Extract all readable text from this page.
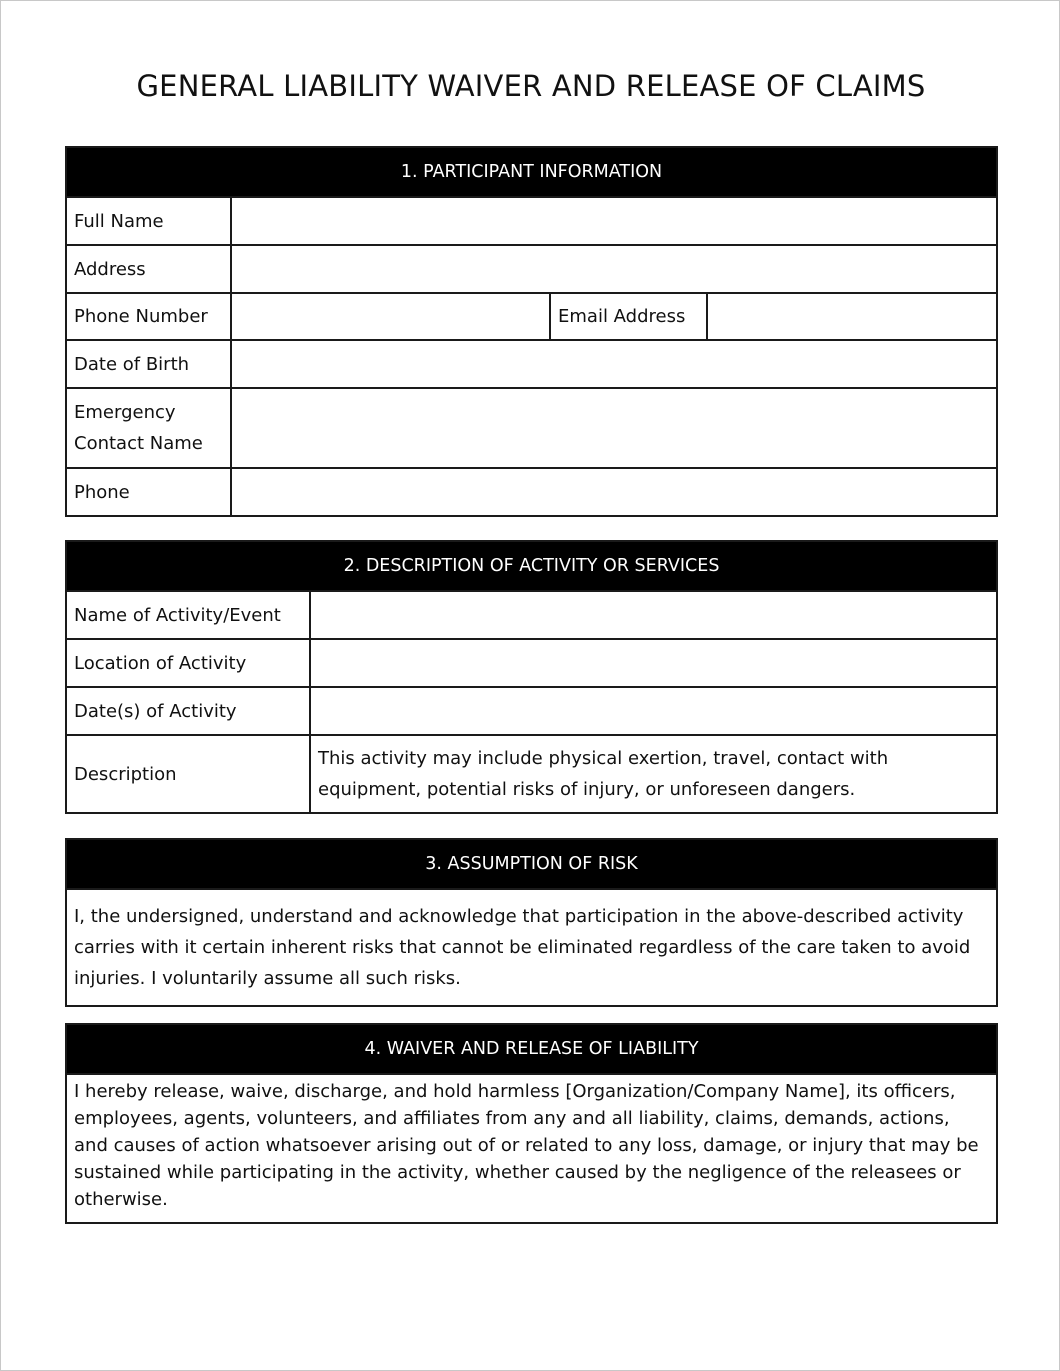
GENERAL LIABILITY WAIVER AND RELEASE OF CLAIMS
1. PARTICIPANT INFORMATION
Full Name
Address
Phone Number	Email Address
Date of Birth
Emergency
Contact Name
Phone
2. DESCRIPTION OF ACTIVITY OR SERVICES
Name of Activity/Event
Location of Activity
Date(s) of Activity
Description
This activity may include physical exertion, travel, contact with equipment, potential risks of injury, or unforeseen dangers.
3. ASSUMPTION OF RISK
I, the undersigned, understand and acknowledge that participation in the above-described activity carries with it certain inherent risks that cannot be eliminated regardless of the care taken to avoid injuries. I voluntarily assume all such risks.
4. WAIVER AND RELEASE OF LIABILITY
I hereby release, waive, discharge, and hold harmless [Organization/Company Name], its officers, employees, agents, volunteers, and affiliates from any and all liability, claims, demands, actions, and causes of action whatsoever arising out of or related to any loss, damage, or injury that may be sustained while participating in the activity, whether caused by the negligence of the releasees or otherwise.
